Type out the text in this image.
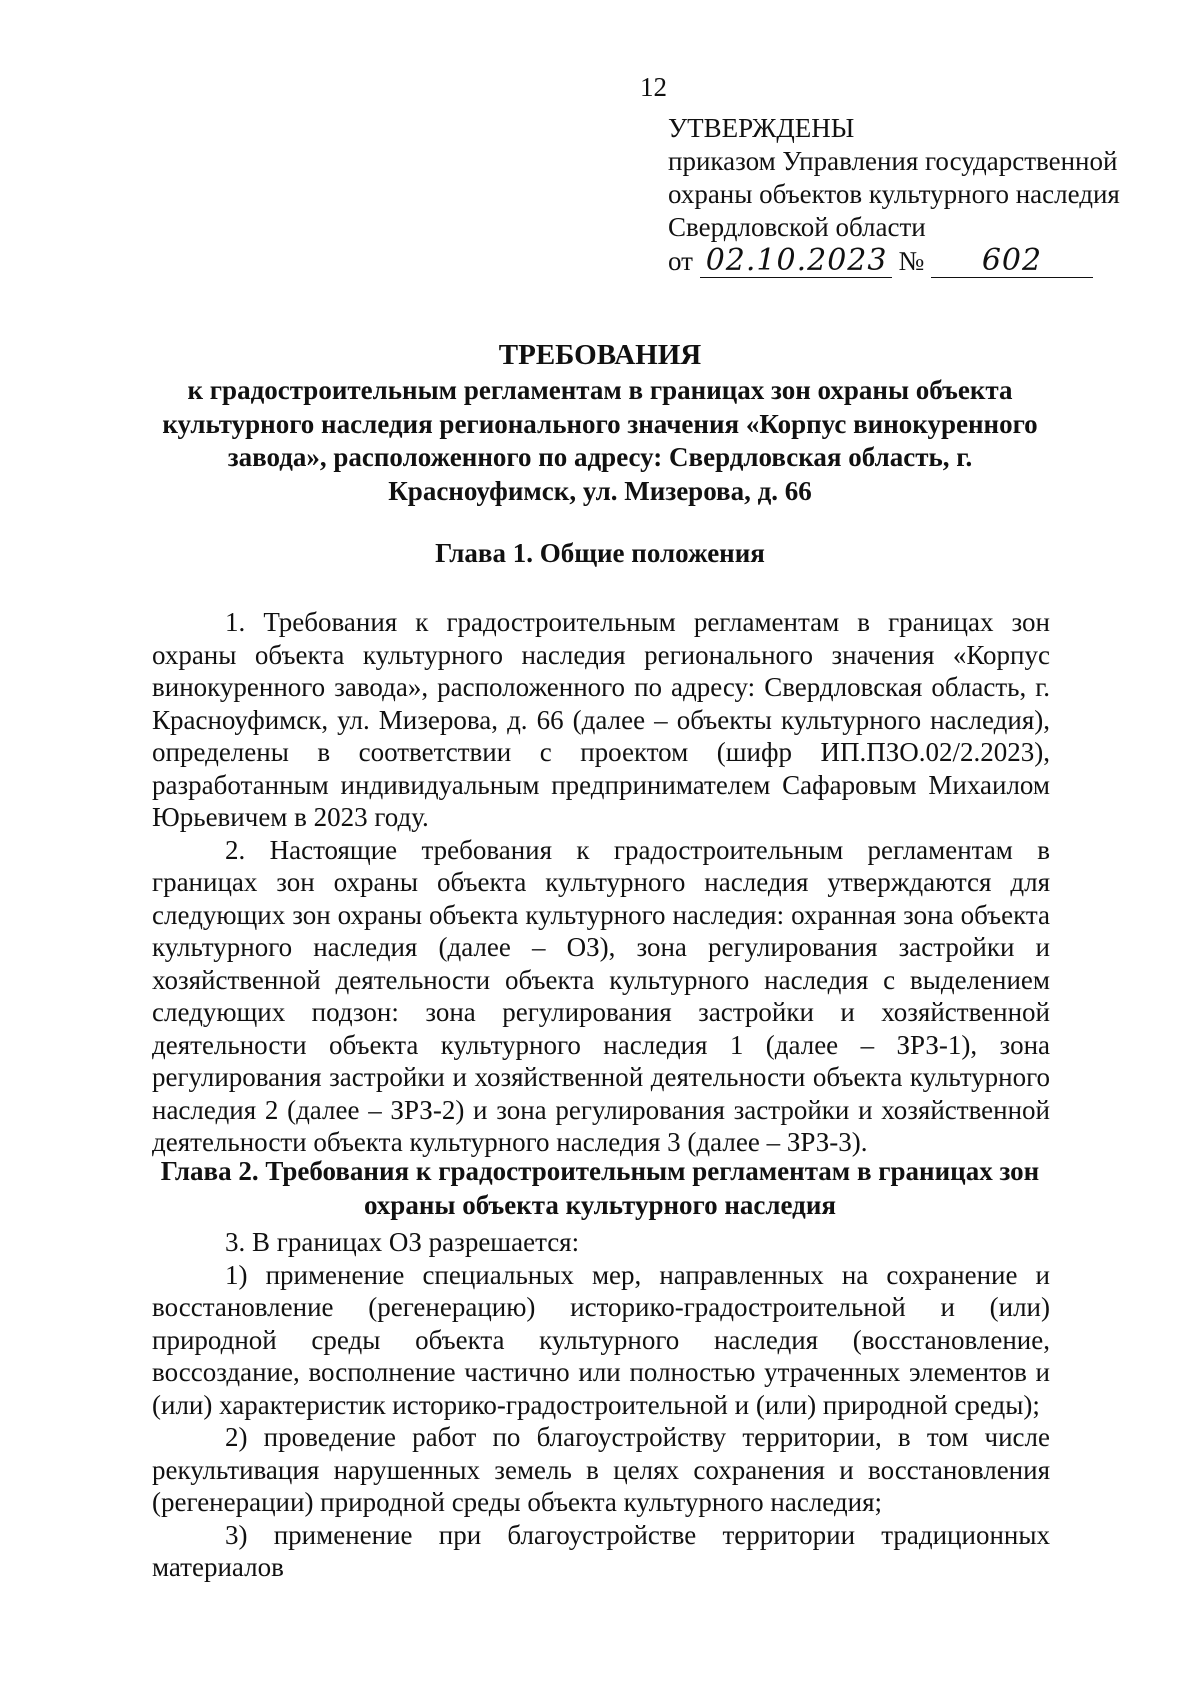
12
УТВЕРЖДЕНЫ
приказом Управления государственной
охраны объектов культурного наследия
Свердловской области
от 02.10.2023 № 602
ТРЕБОВАНИЯ
к градостроительным регламентам в границах зон охраны объекта культурного наследия регионального значения «Корпус винокуренного завода», расположенного по адресу: Свердловская область, г. Красноуфимск, ул. Мизерова, д. 66
Глава 1. Общие положения

1. Требования к градостроительным регламентам в границах зон охраны объекта культурного наследия регионального значения «Корпус винокуренного завода», расположенного по адресу: Свердловская область, г. Красноуфимск, ул. Мизерова, д. 66 (далее – объекты культурного наследия), определены в соответствии с проектом (шифр ИП.ПЗО.02/2.2023), разработанным индивидуальным предпринимателем Сафаровым Михаилом Юрьевичем в 2023 году.

2. Настоящие требования к градостроительным регламентам в границах зон охраны объекта культурного наследия утверждаются для следующих зон охраны объекта культурного наследия: охранная зона объекта культурного наследия (далее – ОЗ), зона регулирования застройки и хозяйственной деятельности объекта культурного наследия с выделением следующих подзон: зона регулирования застройки и хозяйственной деятельности объекта культурного наследия 1 (далее – ЗРЗ-1), зона регулирования застройки и хозяйственной деятельности объекта культурного наследия 2 (далее – ЗРЗ-2) и зона регулирования застройки и хозяйственной деятельности объекта культурного наследия 3 (далее – ЗРЗ-3).

Глава 2. Требования к градостроительным регламентам в границах зон охраны объекта культурного наследия

3. В границах ОЗ разрешается:

1) применение специальных мер, направленных на сохранение и восстановление (регенерацию) историко-градостроительной и (или) природной среды объекта культурного наследия (восстановление, воссоздание, восполнение частично или полностью утраченных элементов и (или) характеристик историко-градостроительной и (или) природной среды);

2) проведение работ по благоустройству территории, в том числе рекультивация нарушенных земель в целях сохранения и восстановления (регенерации) природной среды объекта культурного наследия;

3) применение при благоустройстве территории традиционных материалов
